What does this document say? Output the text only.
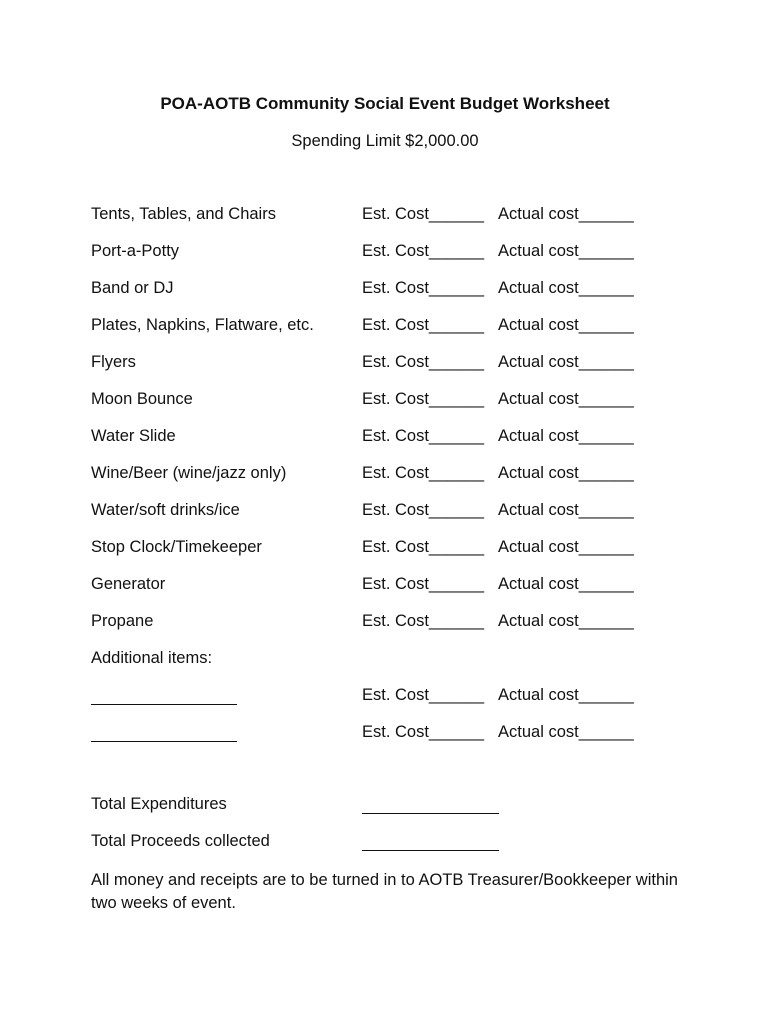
POA-AOTB Community Social Event Budget Worksheet
Spending Limit $2,000.00
Tents, Tables, and Chairs	Est. Cost______ Actual cost______
Port-a-Potty	Est. Cost______ Actual cost______
Band or DJ	Est. Cost______ Actual cost______
Plates, Napkins, Flatware, etc.	Est. Cost______ Actual cost______
Flyers	Est. Cost______ Actual cost______
Moon Bounce	Est. Cost______ Actual cost______
Water Slide	Est. Cost______ Actual cost______
Wine/Beer (wine/jazz only)	Est. Cost______ Actual cost______
Water/soft drinks/ice	Est. Cost______ Actual cost______
Stop Clock/Timekeeper	Est. Cost______ Actual cost______
Generator	Est. Cost______ Actual cost______
Propane	Est. Cost______ Actual cost______
Additional items:
Est. Cost______ Actual cost______
Est. Cost______ Actual cost______
Total Expenditures
Total Proceeds collected
All money and receipts are to be turned in to AOTB Treasurer/Bookkeeper within two weeks of event.
